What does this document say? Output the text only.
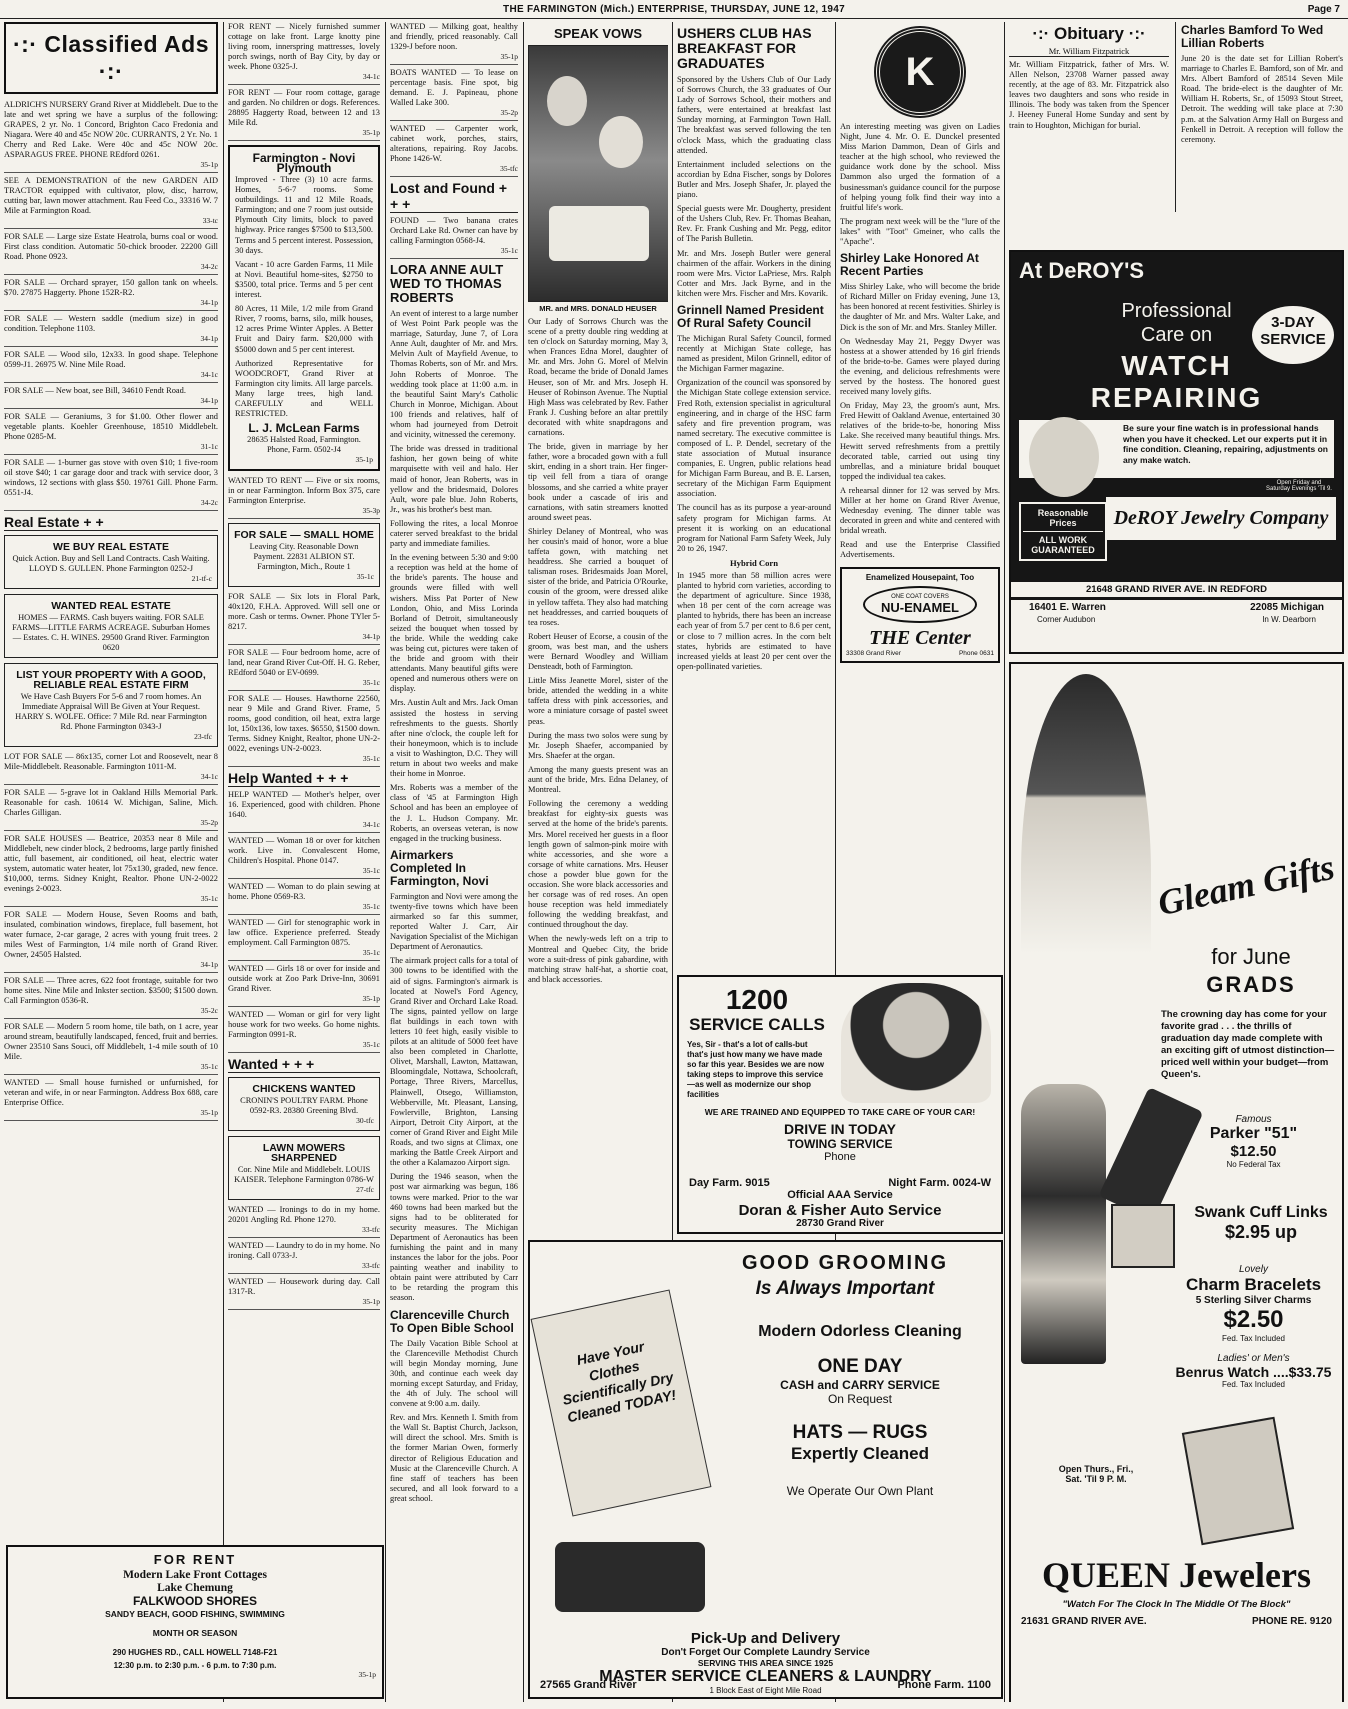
THE FARMINGTON (Mich.) ENTERPRISE, THURSDAY, JUNE 12, 1947	Page 7
·:· Classified Ads ·:·
ALDRICH'S NURSERY Grand River at Middlebelt. Due to the late and wet spring we have a surplus of the following: GRAPES, 2 yr. No. 1 Concord, Brighton Caco Fredonia and Niagara. Were 40 and 45c NOW 20c. CURRANTS, 2 Yr. No. 1 Cherry and Red Lake. Were 40c and 45c NOW 20c. ASPARAGUS FREE. PHONE REdford 0261.
35-1p
SEE A DEMONSTRATION of the new GARDEN AID TRACTOR equipped with cultivator, plow, disc, harrow, cutting bar, lawn mower attachment. Rau Feed Co., 33316 W. 7 Mile at Farmington Road.
33-tc
FOR SALE — Large size Estate Heatrola, burns coal or wood. First class condition. Automatic 50-chick brooder. 22200 Gill Road. Phone 0923.
34-2c
FOR SALE — Orchard sprayer, 150 gallon tank on wheels. $70. 27875 Haggerty. Phone 152R-R2.
34-1p
FOR SALE — Western saddle (medium size) in good condition. Telephone 1103.
34-1p
FOR SALE — Wood silo, 12x33. In good shape. Telephone 0599-J1. 26975 W. Nine Mile Road.
34-1c
FOR SALE — New boat, see Bill, 34610 Fendt Road.
34-1p
FOR SALE — Geraniums, 3 for $1.00. Other flower and vegetable plants. Koehler Greenhouse, 18510 Middlebelt. Phone 0285-M.
31-1c
FOR SALE — 1-burner gas stove with oven $10; 1 five-room oil stove $40; 1 car garage door and track with service door, 3 windows, 12 sections with glass $50. 19761 Gill. Phone Farm. 0551-J4.
34-2c
Real Estate + +
WE BUY REAL ESTATE
Quick Action. Buy and Sell Land Contracts. Cash Waiting. LLOYD S. GULLEN. Phone Farmington 0252-J
21-tf-c
WANTED REAL ESTATE
HOMES — FARMS. Cash buyers waiting. FOR SALE FARMS—LITTLE FARMS ACREAGE. Suburban Homes — Estates. C. H. WINES. 29500 Grand River. Farmington 0620
LIST YOUR PROPERTY With A GOOD, RELIABLE REAL ESTATE FIRM
We Have Cash Buyers For 5-6 and 7 room homes. An Immediate Appraisal Will Be Given at Your Request. HARRY S. WOLFE. Office: 7 Mile Rd. near Farmington Rd. Phone Farmington 0343-J
23-tfc
LOT FOR SALE — 86x135, corner Lot and Roosevelt, near 8 Mile-Middlebelt. Reasonable. Farmington 1011-M.
34-1c
FOR SALE — 5-grave lot in Oakland Hills Memorial Park. Reasonable for cash. 10614 W. Michigan, Saline, Mich. Charles Gilligan.
35-2p
FOR SALE HOUSES — Beatrice, 20353 near 8 Mile and Middlebelt, new cinder block, 2 bedrooms, large partly finished attic, full basement, air conditioned, oil heat, electric water system, automatic water heater, lot 75x130, graded, new fence. $10,000, terms. Sidney Knight, Realtor. Phone UN-2-0022 evenings 2-0023.
35-1c
FOR SALE — Modern House, Seven Rooms and bath, insulated, combination windows, fireplace, full basement, hot water furnace, 2-car garage, 2 acres with young fruit trees. 2 miles West of Farmington, 1/4 mile north of Grand River. Owner, 24505 Halsted.
34-1p
FOR SALE — Three acres, 622 foot frontage, suitable for two home sites. Nine Mile and Inkster section. $3500; $1500 down. Call Farmington 0536-R.
35-2c
FOR SALE — Modern 5 room home, tile bath, on 1 acre, year around stream, beautifully landscaped, fenced, fruit and berries. Owner 23510 Sans Souci, off Middlebelt, 1-4 mile south of 10 Mile.
35-1c
WANTED — Small house furnished or unfurnished, for veteran and wife, in or near Farmington. Address Box 688, care Enterprise Office.
35-1p
FOR RENT — Nicely furnished summer cottage on lake front. Large knotty pine living room, innerspring mattresses, lovely porch swings, north of Bay City, by day or week. Phone 0325-J.
34-1c
FOR RENT — Four room cottage, garage and garden. No children or dogs. References. 28895 Haggerty Road, between 12 and 13 Mile Rd.
35-1p
Farmington - Novi Plymouth

Improved - Three (3) 10 acre farms. Homes, 5-6-7 rooms. Some outbuildings. 11 and 12 Mile Roads, Farmington; and one 7 room just outside Plymouth City limits, block to paved highway. Price ranges $7500 to $13,500. Terms and 5 percent interest. Possession, 30 days.

Vacant - 10 acre Garden Farms, 11 Mile at Novi. Beautiful home-sites, $2750 to $3500, total price. Terms and 5 per cent interest.

80 Acres, 11 Mile, 1/2 mile from Grand River, 7 rooms, barns, silo, milk houses, 12 acres Prime Winter Apples. A Better Fruit and Dairy farm. $20,000 with $5000 down and 5 per cent interest.

Authorized Representative for WOODCROFT, Grand River at Farmington city limits. All large parcels. Many large trees, high land. CAREFULLY and WELL RESTRICTED.

L. J. McLean Farms
28635 Halsted Road, Farmington. Phone, Farm. 0502-J4
35-1p
WANTED TO RENT — Five or six rooms, in or near Farmington. Inform Box 375, care Farmington Enterprise.
35-3p
FOR SALE — SMALL HOME
Leaving City. Reasonable Down Payment. 22831 ALBION ST. Farmington, Mich., Route 1
35-1c
FOR SALE — Six lots in Floral Park, 40x120, F.H.A. Approved. Will sell one or more. Cash or terms. Owner. Phone TYler 5-8217.
34-1p
FOR SALE — Four bedroom home, acre of land, near Grand River Cut-Off. H. G. Reber, REdford 5040 or EV-0699.
35-1c
FOR SALE — Houses. Hawthorne 22560, near 9 Mile and Grand River. Frame, 5 rooms, good condition, oil heat, extra large lot, 150x136, low taxes. $6550, $1500 down. Terms. Sidney Knight, Realtor, phone UN-2-0022, evenings UN-2-0023.
35-1c
Help Wanted + + +
HELP WANTED — Mother's helper, over 16. Experienced, good with children. Phone 1640.
34-1c
WANTED — Woman 18 or over for kitchen work. Live in. Convalescent Home, Children's Hospital. Phone 0147.
35-1c
WANTED — Woman to do plain sewing at home. Phone 0569-R3.
35-1c
WANTED — Girl for stenographic work in law office. Experience preferred. Steady employment. Call Farmington 0875.
35-1c
WANTED — Girls 18 or over for inside and outside work at Zoo Park Drive-Inn, 30691 Grand River.
35-1p
WANTED — Woman or girl for very light house work for two weeks. Go home nights. Farmington 0991-R.
35-1c
Wanted + + +
CHICKENS WANTED
CRONIN'S POULTRY FARM. Phone 0592-R3. 28380 Greening Blvd.
30-tfc
LAWN MOWERS SHARPENED
Cor. Nine Mile and Middlebelt. LOUIS KAISER. Telephone Farmington 0786-W
27-tfc
WANTED — Ironings to do in my home. 20201 Angling Rd. Phone 1270.
33-tfc
WANTED — Laundry to do in my home. No ironing. Call 0733-J.
33-tfc
WANTED — Housework during day. Call 1317-R.
35-1p
FOR RENT
Modern Lake Front Cottages
Lake Chemung
FALKWOOD SHORES
SANDY BEACH, GOOD FISHING, SWIMMING
MONTH OR SEASON
290 HUGHES RD., CALL HOWELL 7148-F21
12:30 p.m. to 2:30 p.m. - 6 p.m. to 7:30 p.m.
35-1p
WANTED — Milking goat, healthy and friendly, priced reasonably. Call 1329-J before noon.
35-1p
BOATS WANTED — To lease on percentage basis. Fine spot, big demand. E. J. Papineau, phone Walled Lake 300.
35-2p
WANTED — Carpenter work, cabinet work, porches, stairs, alterations, repairing. Roy Jacobs. Phone 1426-W.
35-tfc
Lost and Found + + +
FOUND — Two banana crates Orchard Lake Rd. Owner can have by calling Farmington 0568-J4.
35-1c
LORA ANNE AULT WED TO THOMAS ROBERTS

An event of interest to a large number of West Point Park people was the marriage, Saturday, June 7, of Lora Anne Ault, daughter of Mr. and Mrs. Melvin Ault of Mayfield Avenue, to Thomas Roberts, son of Mr. and Mrs. John Roberts of Monroe. The wedding took place at 11:00 a.m. in the beautiful Saint Mary's Catholic Church in Monroe, Michigan. About 100 friends and relatives, half of whom had journeyed from Detroit and vicinity, witnessed the ceremony.

The bride was dressed in traditional fashion, her gown being of white marquisette with veil and halo. Her maid of honor, Jean Roberts, was in yellow and the bridesmaid, Dolores Ault, wore pale blue. John Roberts, Jr., was his brother's best man.

Following the rites, a local Monroe caterer served breakfast to the bridal party and immediate families.

In the evening between 5:30 and 9:00 a reception was held at the home of the bride's parents. The house and grounds were filled with well wishers. Miss Pat Porter of New London, Ohio, and Miss Lorinda Borland of Detroit, simultaneously seized the bouquet when tossed by the bride. While the wedding cake was being cut, pictures were taken of the bride and groom with their attendants. Many beautiful gifts were opened and numerous others were on display.

Mrs. Austin Ault and Mrs. Jack Oman assisted the hostess in serving refreshments to the guests. Shortly after nine o'clock, the couple left for their honeymoon, which is to include a visit to Washington, D.C. They will return in about two weeks and make their home in Monroe.

Mrs. Roberts was a member of the class of '45 at Farmington High School and has been an employee of the J. L. Hudson Company. Mr. Roberts, an overseas veteran, is now engaged in the trucking business.

Airmarkers Completed In Farmington, Novi

Farmington and Novi were among the twenty-five towns which have been airmarked so far this summer, reported Walter J. Carr, Air Navigation Specialist of the Michigan Department of Aeronautics.

The airmark project calls for a total of 300 towns to be identified with the aid of signs. Farmington's airmark is located at Nowel's Ford Agency, Grand River and Orchard Lake Road. The signs, painted yellow on large flat buildings in each town with letters 10 feet high, easily visible to pilots at an altitude of 5000 feet have also been completed in Charlotte, Olivet, Marshall, Lawton, Mattawan, Bloomingdale, Nottawa, Schoolcraft, Portage, Three Rivers, Marcellus, Plainwell, Otsego, Williamston, Webberville, Mt. Pleasant, Lansing, Fowlerville, Brighton, Lansing Airport, Detroit City Airport, at the corner of Grand River and Eight Mile Roads, and two signs at Climax, one marking the Battle Creek Airport and the other a Kalamazoo Airport sign.

During the 1946 season, when the post war airmarking was begun, 186 towns were marked. Prior to the war 460 towns had been marked but the signs had to be obliterated for security measures. The Michigan Department of Aeronautics has been furnishing the paint and in many instances the labor for the jobs. Poor painting weather and inability to obtain paint were attributed by Carr to be retarding the program this season.

Clarenceville Church To Open Bible School

The Daily Vacation Bible School at the Clarenceville Methodist Church will begin Monday morning, June 30th, and continue each week day morning except Saturday, and Friday, the 4th of July. The school will convene at 9:00 a.m. daily.

Rev. and Mrs. Kenneth I. Smith from the Wall St. Baptist Church, Jackson, will direct the school. Mrs. Smith is the former Marian Owen, formerly director of Religious Education and Music at the Clarenceville Church. A fine staff of teachers has been secured, and all look forward to a great school.

SPEAK VOWS
MR. and MRS. DONALD HEUSER

Our Lady of Sorrows Church was the scene of a pretty double ring wedding at ten o'clock on Saturday morning, May 3, when Frances Edna Morel, daughter of Mr. and Mrs. John G. Morel of Melvin Road, became the bride of Donald James Heuser, son of Mr. and Mrs. Joseph H. Heuser of Robinson Avenue. The Nuptial High Mass was celebrated by Rev. Father Frank J. Cushing before an altar prettily decorated with white snapdragons and carnations.

The bride, given in marriage by her father, wore a brocaded gown with a full skirt, ending in a short train. Her finger-tip veil fell from a tiara of orange blossoms, and she carried a white prayer book under a cascade of iris and carnations, with satin streamers knotted around sweet peas.

Shirley Delaney of Montreal, who was her cousin's maid of honor, wore a blue taffeta gown, with matching net headdress. She carried a bouquet of talisman roses. Bridesmaids Joan Morel, sister of the bride, and Patricia O'Rourke, cousin of the groom, were dressed alike in yellow taffeta. They also had matching net headdresses, and carried bouquets of tea roses.

Robert Heuser of Ecorse, a cousin of the groom, was best man, and the ushers were Bernard Woodley and William Densteadt, both of Farmington.

Little Miss Jeanette Morel, sister of the bride, attended the wedding in a white taffeta dress with pink accessories, and wore a miniature corsage of pastel sweet peas.

During the mass two solos were sung by Mr. Joseph Shaefer, accompanied by Mrs. Shaefer at the organ.

Among the many guests present was an aunt of the bride, Mrs. Edna Delaney, of Montreal.

Following the ceremony a wedding breakfast for eighty-six guests was served at the home of the bride's parents. Mrs. Morel received her guests in a floor length gown of salmon-pink moire with white accessories, and she wore a corsage of white carnations. Mrs. Heuser chose a powder blue gown for the occasion. She wore black accessories and her corsage was of red roses. An open house reception was held immediately following the wedding breakfast, and continued throughout the day.

When the newly-weds left on a trip to Montreal and Quebec City, the bride wore a suit-dress of pink gabardine, with matching straw half-hat, a shortie coat, and black accessories.

USHERS CLUB HAS BREAKFAST FOR GRADUATES

Sponsored by the Ushers Club of Our Lady of Sorrows Church, the 33 graduates of Our Lady of Sorrows School, their mothers and fathers, were entertained at breakfast last Sunday morning, at Farmington Town Hall. The breakfast was served following the ten o'clock Mass, which the graduating class attended.

Entertainment included selections on the accordian by Edna Fischer, songs by Dolores Butler and Mrs. Joseph Shafer, Jr. played the piano.

Special guests were Mr. Dougherty, president of the Ushers Club, Rev. Fr. Thomas Beahan, Rev. Fr. Frank Cushing and Mr. Pegg, editor of The Parish Bulletin.

Mr. and Mrs. Joseph Butler were general chairmen of the affair. Workers in the dining room were Mrs. Victor LaPriese, Mrs. Ralph Cotter and Mrs. Jack Byrne, and in the kitchen were Mrs. Fischer and Mrs. Kovarik.

Grinnell Named President Of Rural Safety Council

The Michigan Rural Safety Council, formed recently at Michigan State college, has named as president, Milon Grinnell, editor of the Michigan Farmer magazine.

Organization of the council was sponsored by the Michigan State college extension service. Fred Roth, extension specialist in agricultural engineering, and in charge of the HSC farm safety and fire prevention program, was named secretary. The executive committee is composed of L. P. Dendel, secretary of the state association of Mutual insurance companies, E. Ungren, public relations head for Michigan Farm Bureau, and B. E. Larsen, secretary of the Michigan Farm Equipment association.

The council has as its purpose a year-around safety program for Michigan farms. At present it is working on an educational program for National Farm Safety Week, July 20 to 26, 1947.

Hybrid Corn

In 1945 more than 58 million acres were planted to hybrid corn varieties, according to the department of agriculture. Since 1938, when 18 per cent of the corn acreage was planted to hybrids, there has been an increase each year of from 5.7 per cent to 8.6 per cent, or close to 7 million acres. In the corn belt states, hybrids are estimated to have increased yields at least 20 per cent over the open-pollinated varieties.

1200
SERVICE CALLS
Yes, Sir - that's a lot of calls-but that's just how many we have made so far this year. Besides we are now taking steps to improve this service —as well as modernize our shop facilities
WE ARE TRAINED AND EQUIPPED TO TAKE CARE OF YOUR CAR!
DRIVE IN TODAY
TOWING SERVICE
Phone
Day Farm. 9015	Night Farm. 0024-W
Official AAA Service
Doran & Fisher Auto Service
28730 Grand River
GOOD GROOMING
Is Always Important
Have Your Clothes Scientifically Dry Cleaned TODAY!
Modern Odorless Cleaning
ONE DAY
CASH and CARRY SERVICE
On Request
HATS — RUGS
Expertly Cleaned
We Operate Our Own Plant
Pick-Up and Delivery
Don't Forget Our Complete Laundry Service
SERVING THIS AREA SINCE 1925
MASTER SERVICE CLEANERS & LAUNDRY
1 Block East of Eight Mile Road
27565 Grand River	Phone Farm. 1100
K

An interesting meeting was given on Ladies Night, June 4. Mr. O. E. Dunckel presented Miss Marion Dammon, Dean of Girls and teacher at the high school, who reviewed the guidance work done by the school. Miss Dammon also urged the formation of a businessman's guidance council for the purpose of helping young folk find their way into a fruitful life's work.

The program next week will be the "lure of the lakes" with "Toot" Gmeiner, who calls the "Apache".

Shirley Lake Honored At Recent Parties

Miss Shirley Lake, who will become the bride of Richard Miller on Friday evening, June 13, has been honored at recent festivities. Shirley is the daughter of Mr. and Mrs. Walter Lake, and Dick is the son of Mr. and Mrs. Stanley Miller.

On Wednesday May 21, Peggy Dwyer was hostess at a shower attended by 16 girl friends of the bride-to-be. Games were played during the evening, and delicious refreshments were served by the hostess. The honored guest received many lovely gifts.

On Friday, May 23, the groom's aunt, Mrs. Fred Hewitt of Oakland Avenue, entertained 30 relatives of the bride-to-be, honoring Miss Lake. She received many beautiful things. Mrs. Hewitt served refreshments from a prettily decorated table, carried out using tiny umbrellas, and a miniature bridal bouquet topped the individual tea cakes.

A rehearsal dinner for 12 was served by Mrs. Miller at her home on Grand River Avenue, Wednesday evening. The dinner table was decorated in green and white and centered with bridal wreath.

Read and use the Enterprise Classified Advertisements.

Enamelized Housepaint, Too
ONE COAT COVERS
NU-ENAMEL
THE Center
33308 Grand River	Phone 0631
·:· Obituary ·:·
Mr. William Fitzpatrick

Mr. William Fitzpatrick, father of Mrs. W. Allen Nelson, 23708 Warner passed away recently, at the age of 83. Mr. Fitzpatrick also leaves two daughters and sons who reside in Illinois. The body was taken from the Spencer J. Heeney Funeral Home Sunday and sent by train to Houghton, Michigan for burial.

Charles Bamford To Wed Lillian Roberts

June 20 is the date set for Lillian Robert's marriage to Charles E. Bamford, son of Mr. and Mrs. Albert Bamford of 28514 Seven Mile Road. The bride-elect is the daughter of Mr. William H. Roberts, Sr., of 15093 Stout Street, Detroit. The wedding will take place at 7:30 p.m. at the Salvation Army Hall on Burgess and Fenkell in Detroit. A reception will follow the ceremony.

At DeROY'S
Professional
Care on
WATCH
REPAIRING
3-DAY SERVICE
Be sure your fine watch is in professional hands when you have it checked. Let our experts put it in fine condition. Cleaning, repairing, adjustments on any make watch.
Open Friday and Saturday Evenings 'Til 9.
Reasonable Prices
ALL WORK GUARANTEED
DeROY Jewelry Company
21648 GRAND RIVER AVE. IN REDFORD
16401 E. Warren
Corner Audubon
22085 Michigan
In W. Dearborn
Gleam Gifts
for June
GRADS
The crowning day has come for your favorite grad . . . the thrills of graduation day made complete with an exciting gift of utmost distinction—priced well within your budget—from Queen's.
Famous
Parker "51"
$12.50
No Federal Tax
Swank Cuff Links
$2.95 up
Lovely
Charm Bracelets
5 Sterling Silver Charms
$2.50
Fed. Tax Included
Ladies' or Men's
Benrus Watch ....$33.75
Fed. Tax Included
Open Thurs., Fri., Sat. 'Til 9 P. M.
QUEEN Jewelers
"Watch For The Clock In The Middle Of The Block"
21631 GRAND RIVER AVE.	PHONE RE. 9120
